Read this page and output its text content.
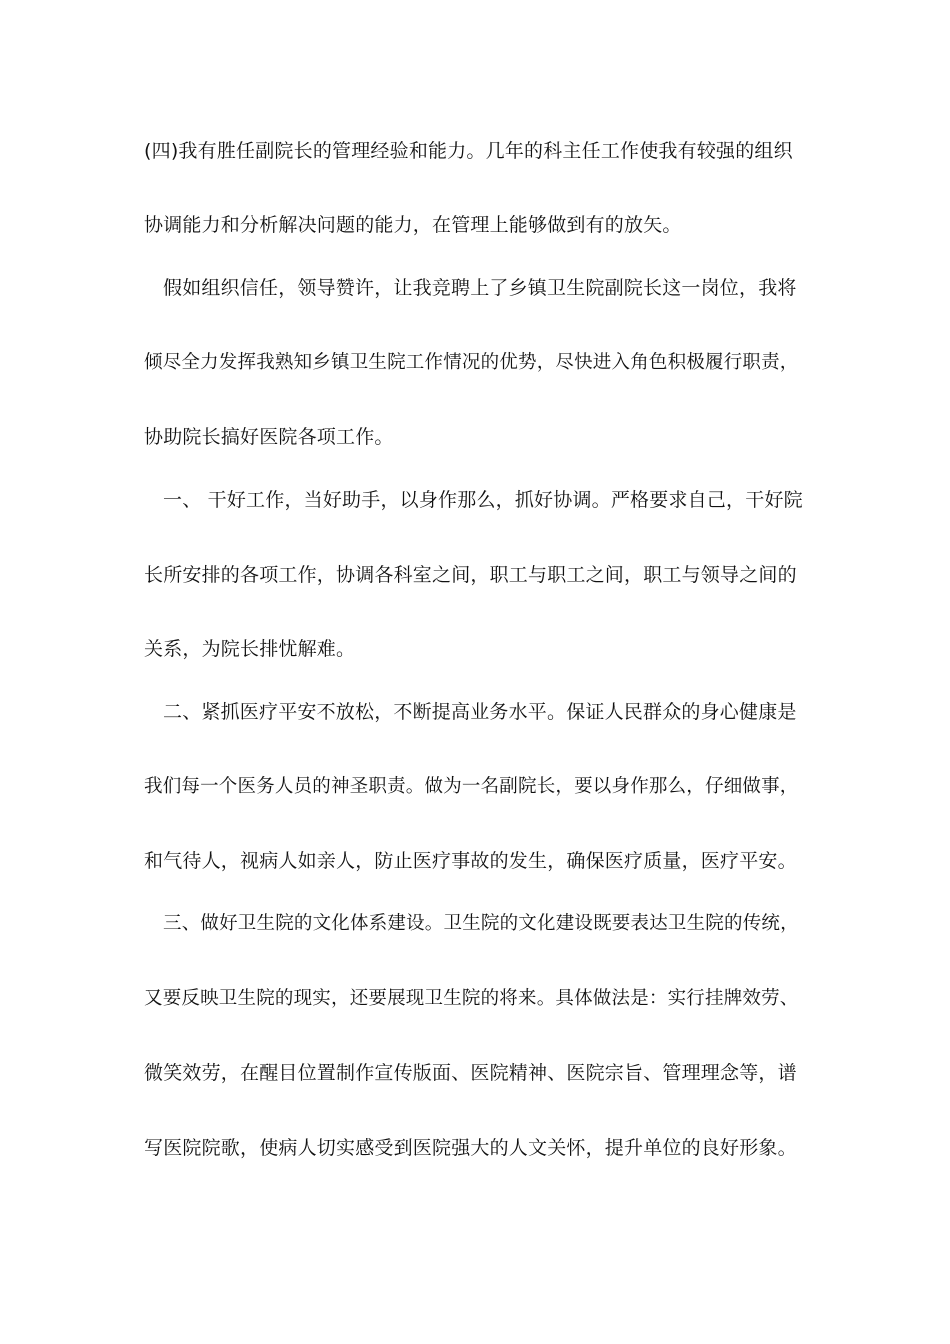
(四)我有胜任副院长的管理经验和能力。几年的科主任工作使我有较强的组织
协调能力和分析解决问题的能力，在管理上能够做到有的放矢。
假如组织信任，领导赞许，让我竞聘上了乡镇卫生院副院长这一岗位，我将
倾尽全力发挥我熟知乡镇卫生院工作情况的优势，尽快进入角色积极履行职责，
协助院长搞好医院各项工作。
一、 干好工作，当好助手，以身作那么，抓好协调。严格要求自己，干好院
长所安排的各项工作，协调各科室之间，职工与职工之间，职工与领导之间的
关系，为院长排忧解难。
二、紧抓医疗平安不放松，不断提高业务水平。保证人民群众的身心健康是
我们每一个医务人员的神圣职责。做为一名副院长，要以身作那么，仔细做事，
和气待人，视病人如亲人，防止医疗事故的发生，确保医疗质量，医疗平安。
三、做好卫生院的文化体系建设。卫生院的文化建设既要表达卫生院的传统，
又要反映卫生院的现实，还要展现卫生院的将来。具体做法是：实行挂牌效劳、
微笑效劳，在醒目位置制作宣传版面、医院精神、医院宗旨、管理理念等，谱
写医院院歌，使病人切实感受到医院强大的人文关怀，提升单位的良好形象。
